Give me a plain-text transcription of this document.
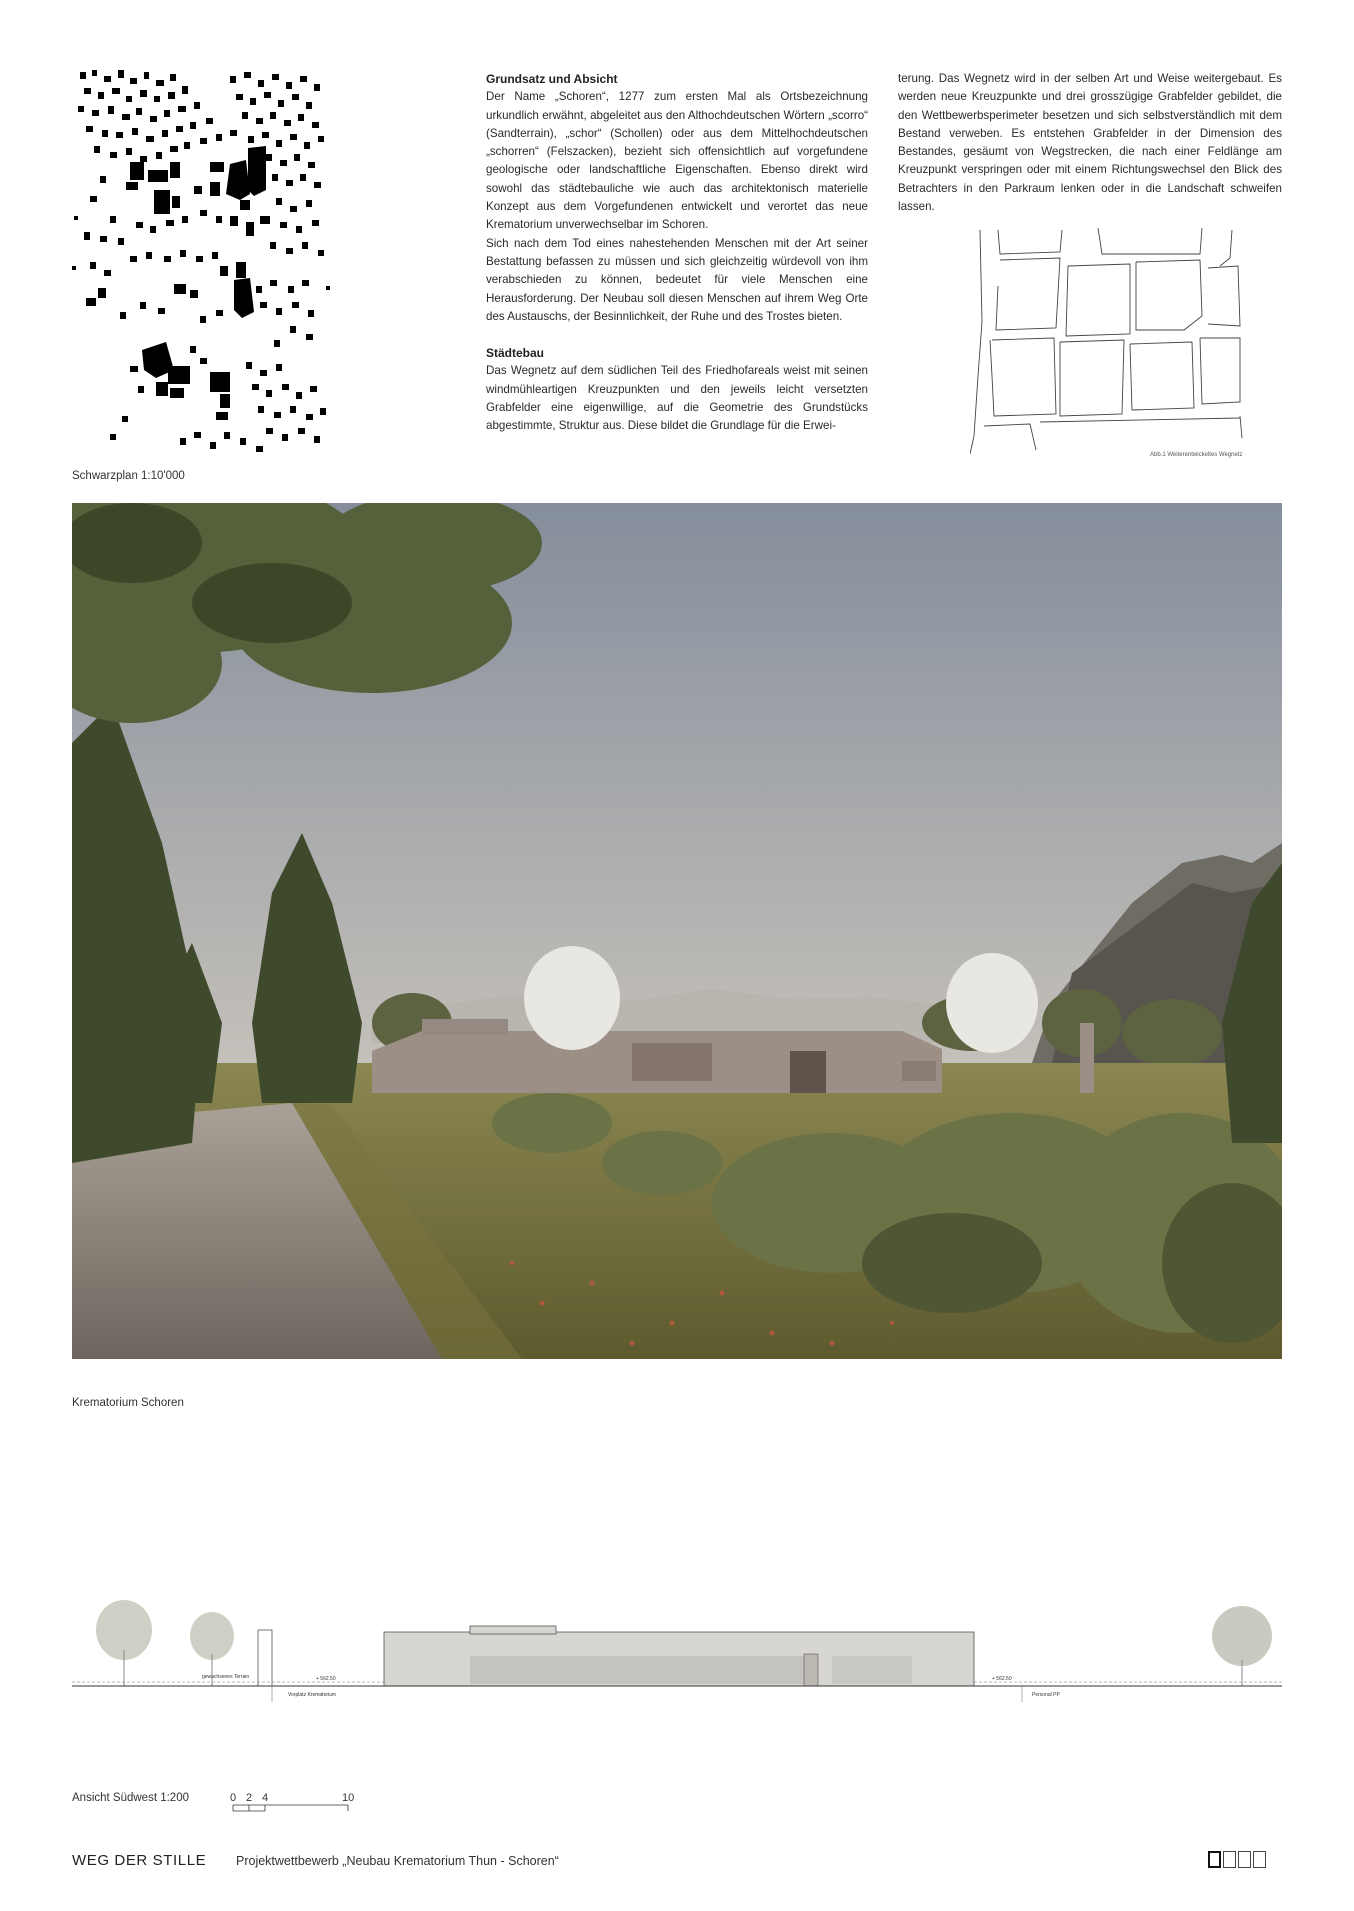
Schwarzplan 1:10'000
Grundsatz und Absicht

Der Name „Schoren“, 1277 zum ersten Mal als Ortsbezeichnung urkundlich erwähnt, abgeleitet aus den Althochdeutschen Wörtern „scorro“ (Sandterrain), „schor“ (Schollen) oder aus dem Mittelhochdeutschen „schorren“ (Felszacken), bezieht sich offensichtlich auf vorgefundene geologische oder landschaftliche Eigenschaften. Ebenso direkt wird sowohl das städtebauliche wie auch das architektonisch materielle Konzept aus dem Vorgefundenen entwickelt und verortet das neue Krematorium unverwechselbar im Schoren.

Sich nach dem Tod eines nahestehenden Menschen mit der Art seiner Bestattung befassen zu müssen und sich gleichzeitig würdevoll von ihm verabschieden zu können, bedeutet für viele Menschen eine Herausforderung. Der Neubau soll diesen Menschen auf ihrem Weg Orte des Austauschs, der Besinnlichkeit, der Ruhe und des Trostes bieten.

Städtebau

Das Wegnetz auf dem südlichen Teil des Friedhofareals weist mit seinen windmühleartigen Kreuzpunkten und den jeweils leicht versetzten Grabfelder eine eigenwillige, auf die Geometrie des Grundstücks abgestimmte, Struktur aus. Diese bildet die Grundlage für die Erwei-

terung. Das Wegnetz wird in der selben Art und Weise weitergebaut. Es werden neue Kreuzpunkte und drei grosszügige Grabfelder gebildet, die den Wettbewerbsperimeter besetzen und sich selbstverständlich mit dem Bestand verweben. Es entstehen Grabfelder in der Dimension des Bestandes, gesäumt von Wegstrecken, die nach einer Feldlänge am Kreuzpunkt verspringen oder mit einem Richtungswechsel den Blick des Betrachters in den Parkraum lenken oder in die Landschaft schweifen lassen.

Abb.1 Weiterentwickeltes Wegnetz
Krematorium Schoren
gewachsenes Terrain	+ 562.50
Vorplatz Krematorium
+ 562.50
Personal PP
Ansicht Südwest 1:200	0 2 4	10
WEG DER STILLE Projektwettbewerb „Neubau Krematorium Thun - Schoren“
